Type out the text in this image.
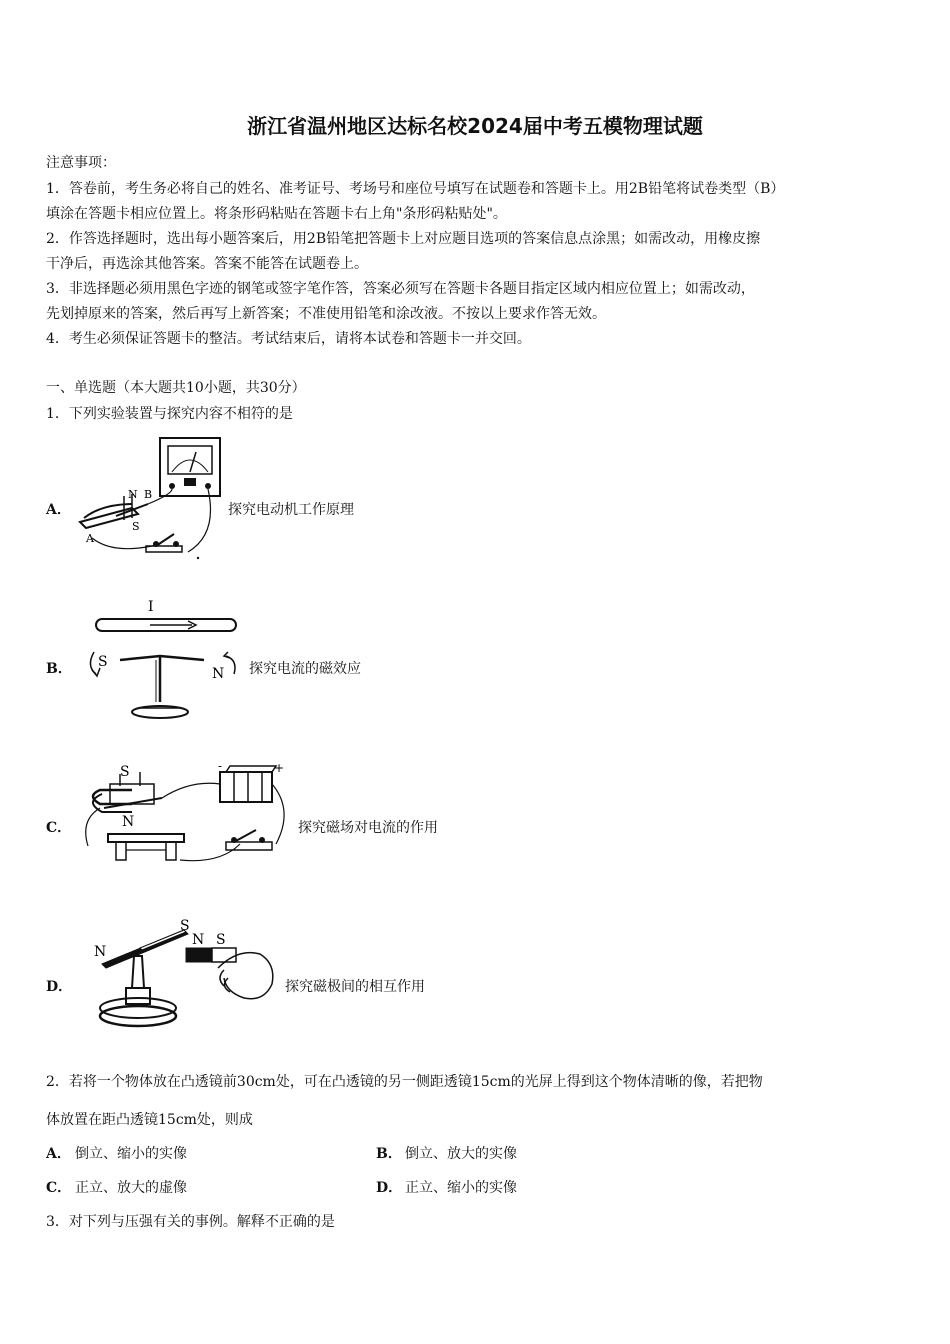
浙江省温州地区达标名校2024届中考五模物理试题
注意事项：
1．答卷前，考生务必将自己的姓名、准考证号、考场号和座位号填写在试题卷和答题卡上。用2B铅笔将试卷类型（B）
填涂在答题卡相应位置上。将条形码粘贴在答题卡右上角"条形码粘贴处"。
2．作答选择题时，选出每小题答案后，用2B铅笔把答题卡上对应题目选项的答案信息点涂黑；如需改动，用橡皮擦
干净后，再选涂其他答案。答案不能答在试题卷上。
3．非选择题必须用黑色字迹的钢笔或签字笔作答，答案必须写在答题卡各题目指定区域内相应位置上；如需改动，
先划掉原来的答案，然后再写上新答案；不准使用铅笔和涂改液。不按以上要求作答无效。
4．考生必须保证答题卡的整洁。考试结束后，请将本试卷和答题卡一并交回。
一、单选题（本大题共10小题，共30分）
1．下列实验装置与探究内容不相符的是
A．
N B
S
A
探究电动机工作原理
B．
I
S
N 探究电流的磁效应
C．
S
N
-	+
探究磁场对电流的作用
D．
N
S
N S
探究磁极间的相互作用
2．若将一个物体放在凸透镜前30cm处，可在凸透镜的另一侧距透镜15cm的光屏上得到这个物体清晰的像，若把物
体放置在距凸透镜15cm处，则成
A． 倒立、缩小的实像	B． 倒立、放大的实像
C． 正立、放大的虚像	D． 正立、缩小的实像
3．对下列与压强有关的事例。解释不正确的是
